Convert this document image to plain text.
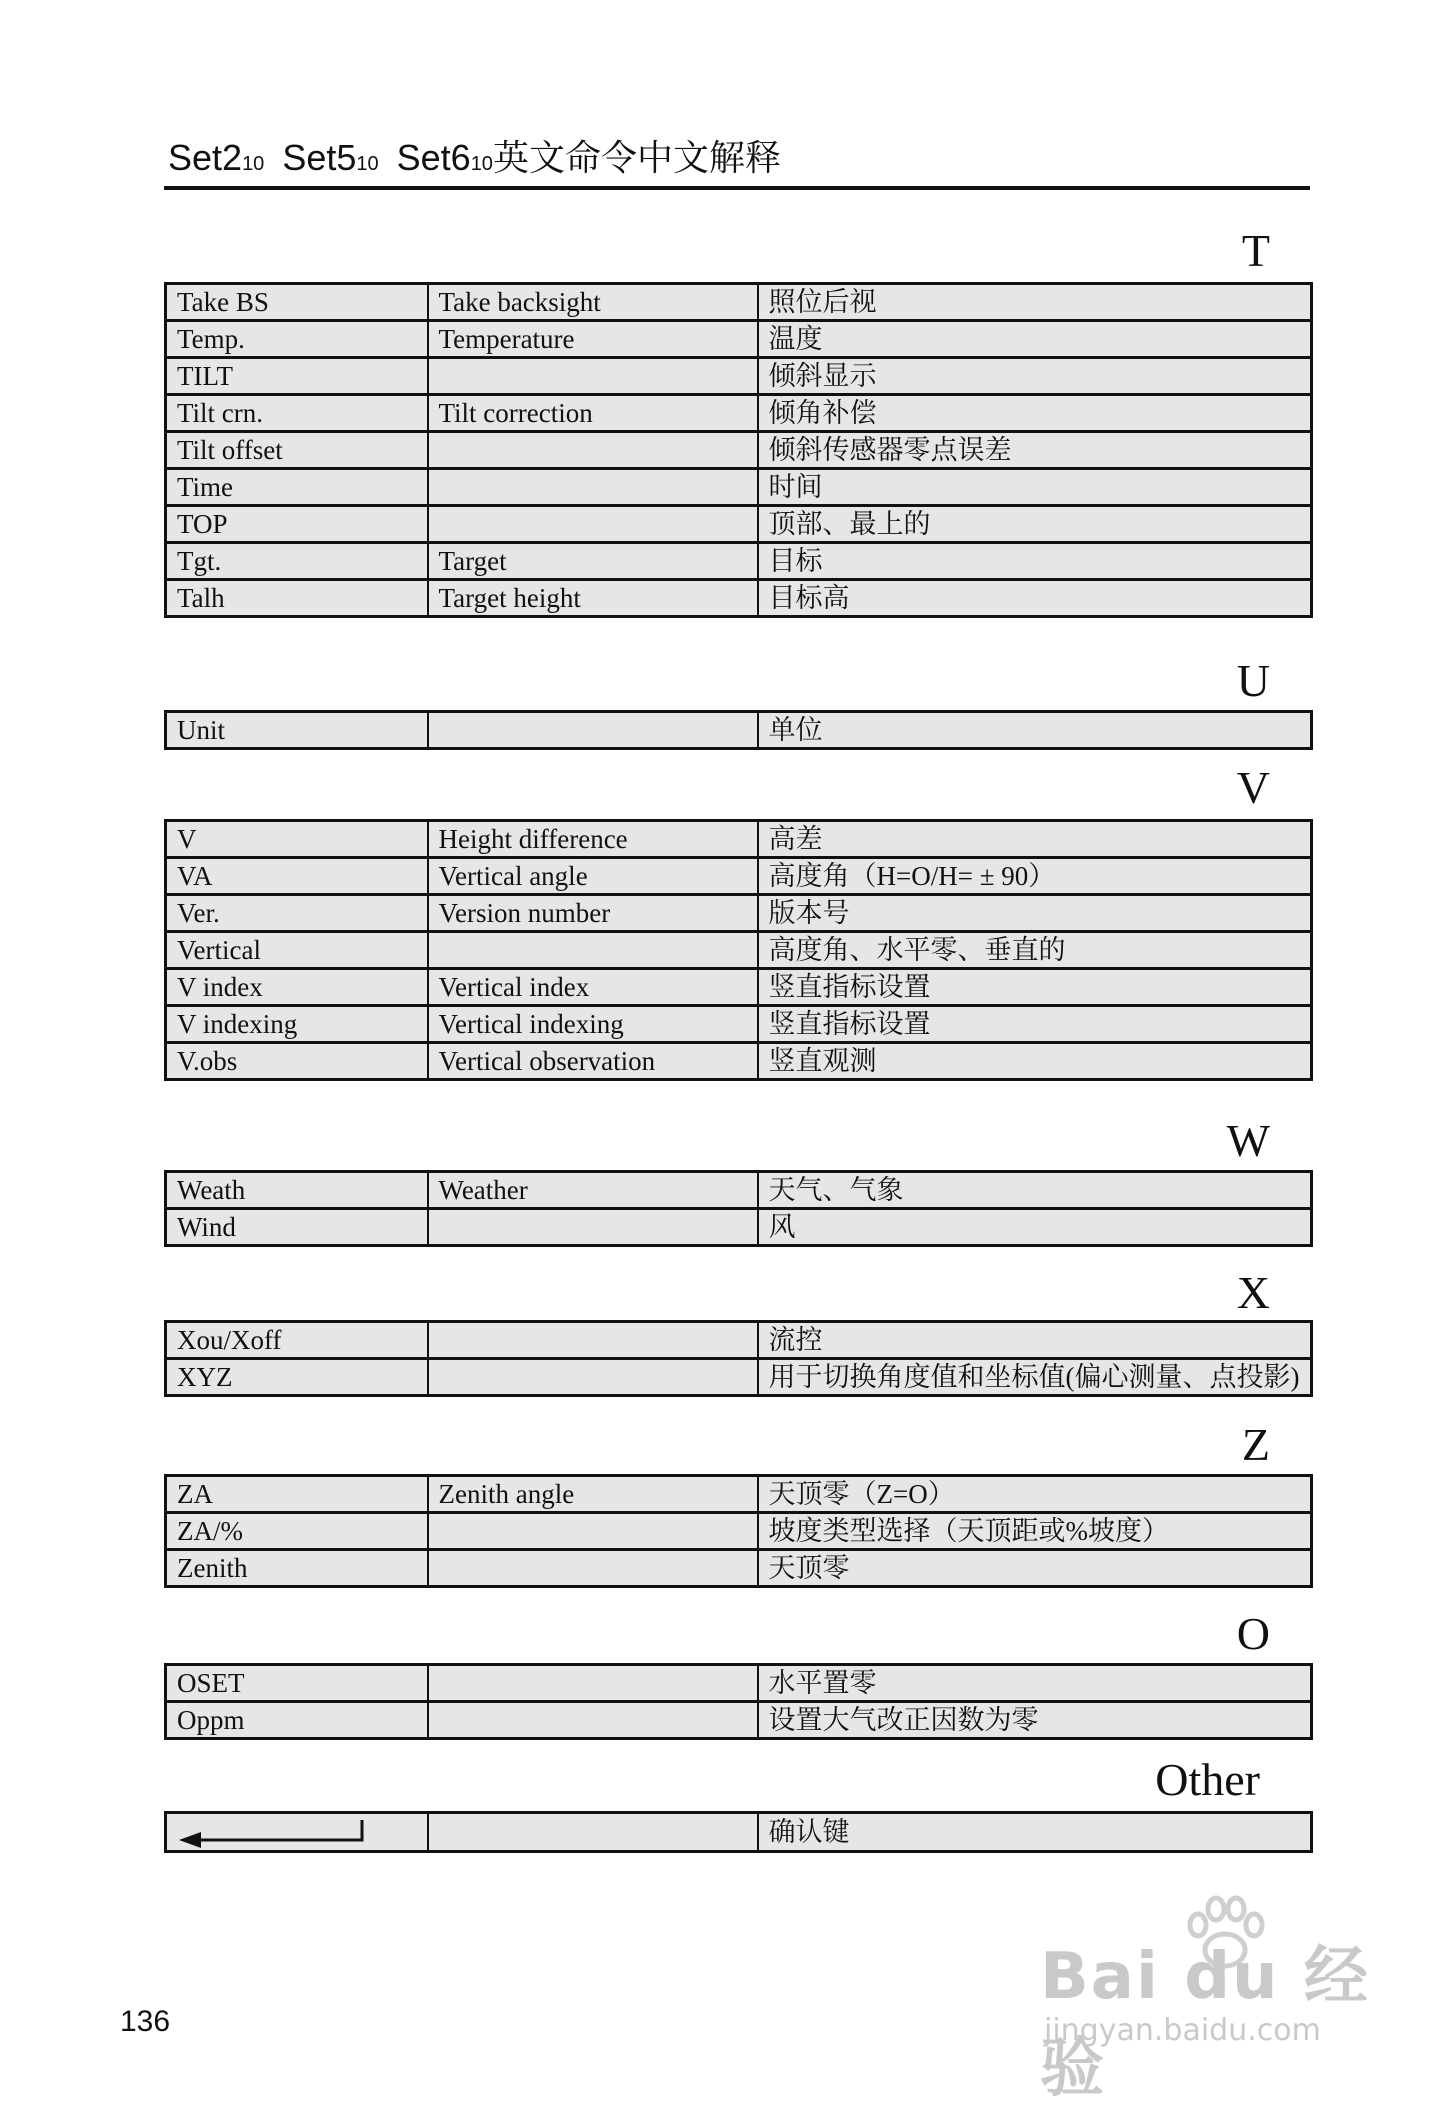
Set210 Set510 Set610英文命令中文解释
T
Take BS	Take backsight	照位后视
Temp.	Temperature	温度
TILT		倾斜显示
Tilt crn.	Tilt correction	倾角补偿
Tilt offset		倾斜传感器零点误差
Time		时间
TOP		顶部、最上的
Tgt.	Target	目标
Talh	Target height	目标高
U
Unit		单位
V
V	Height difference	高差
VA	Vertical angle	高度角（H=O/H= ± 90）
Ver.	Version number	版本号
Vertical		高度角、水平零、垂直的
V index	Vertical index	竖直指标设置
V indexing	Vertical indexing	竖直指标设置
V.obs	Vertical observation	竖直观测
W
Weath	Weather	天气、气象
Wind		风
X
Xou/Xoff		流控
XYZ		用于切换角度值和坐标值(偏心测量、点投影)
Z
ZA	Zenith angle	天顶零（Z=O）
ZA/%		坡度类型选择（天顶距或%坡度）
Zenith		天顶零
O
OSET		水平置零
Oppm		设置大气改正因数为零
Other
		确认键
136
Bai du 经验
jingyan.baidu.com
